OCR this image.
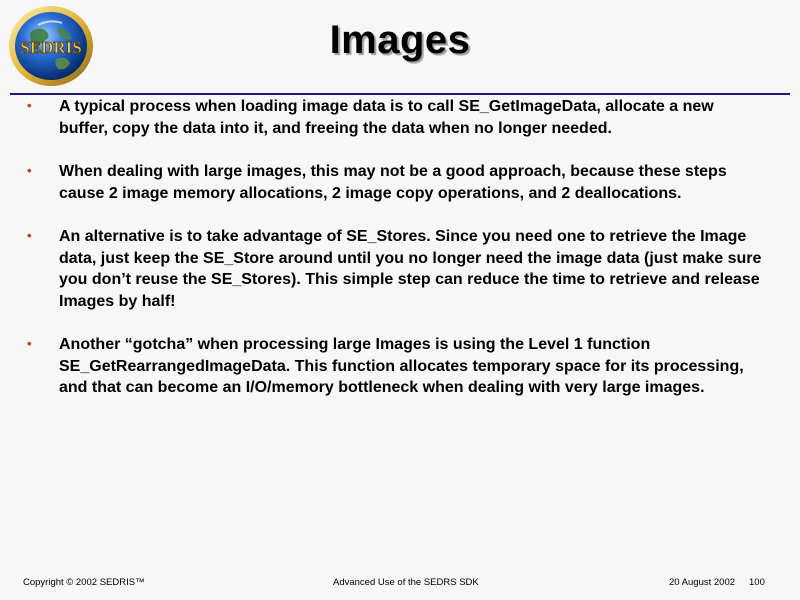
SEDRIS	Images
• A typical process when loading image data is to call SE_GetImageData, allocate a new buffer, copy the data into it, and freeing the data when no longer needed.
• When dealing with large images, this may not be a good approach, because these steps cause 2 image memory allocations, 2 image copy operations, and 2 deallocations.
• An alternative is to take advantage of SE_Stores. Since you need one to retrieve the Image data, just keep the SE_Store around until you no longer need the image data (just make sure you don’t reuse the SE_Stores). This simple step can reduce the time to retrieve and release Images by half!
• Another “gotcha” when processing large Images is using the Level 1 function SE_GetRearrangedImageData. This function allocates temporary space for its processing, and that can become an I/O/memory bottleneck when dealing with very large images.
Copyright © 2002 SEDRIS™	Advanced Use of the SEDRS SDK	20 August 2002 100
